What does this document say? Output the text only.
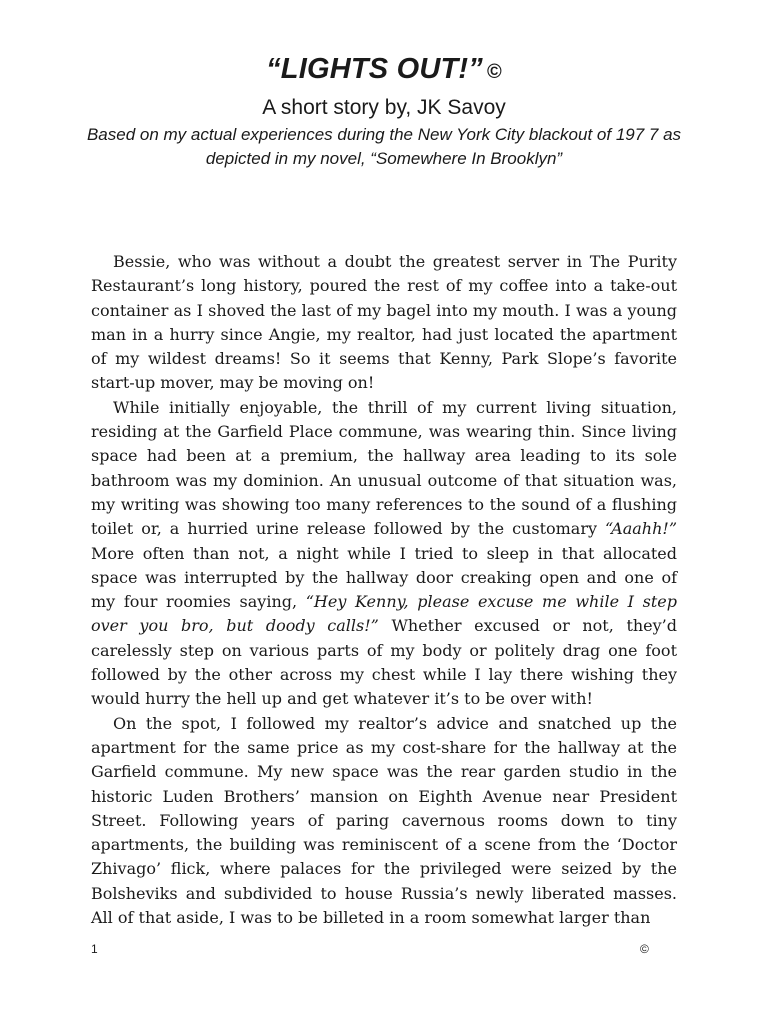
“LIGHTS OUT!” ©

A short story by, JK Savoy

Based on my actual experiences during the New York City blackout of 197 7 as depicted in my novel, “Somewhere In Brooklyn”

Bessie, who was without a doubt the greatest server in The Purity Restaurant’s long history, poured the rest of my coffee into a take-out container as I shoved the last of my bagel into my mouth. I was a young man in a hurry since Angie, my realtor, had just located the apartment of my wildest dreams! So it seems that Kenny, Park Slope’s favorite start-up mover, may be moving on!

While initially enjoyable, the thrill of my current living situation, residing at the Garfield Place commune, was wearing thin. Since living space had been at a premium, the hallway area leading to its sole bathroom was my dominion. An unusual outcome of that situation was, my writing was showing too many references to the sound of a flushing toilet or, a hurried urine release followed by the customary “Aaahh!” More often than not, a night while I tried to sleep in that allocated space was interrupted by the hallway door creaking open and one of my four roomies saying, “Hey Kenny, please excuse me while I step over you bro, but doody calls!” Whether excused or not, they’d carelessly step on various parts of my body or politely drag one foot followed by the other across my chest while I lay there wishing they would hurry the hell up and get whatever it’s to be over with!

On the spot, I followed my realtor’s advice and snatched up the apartment for the same price as my cost-share for the hallway at the Garfield commune. My new space was the rear garden studio in the historic Luden Brothers’ mansion on Eighth Avenue near President Street. Following years of paring cavernous rooms down to tiny apartments, the building was reminiscent of a scene from the ‘Doctor Zhivago’ flick, where palaces for the privileged were seized by the Bolsheviks and subdivided to house Russia’s newly liberated masses. All of that aside, I was to be billeted in a room somewhat larger than

1	©
